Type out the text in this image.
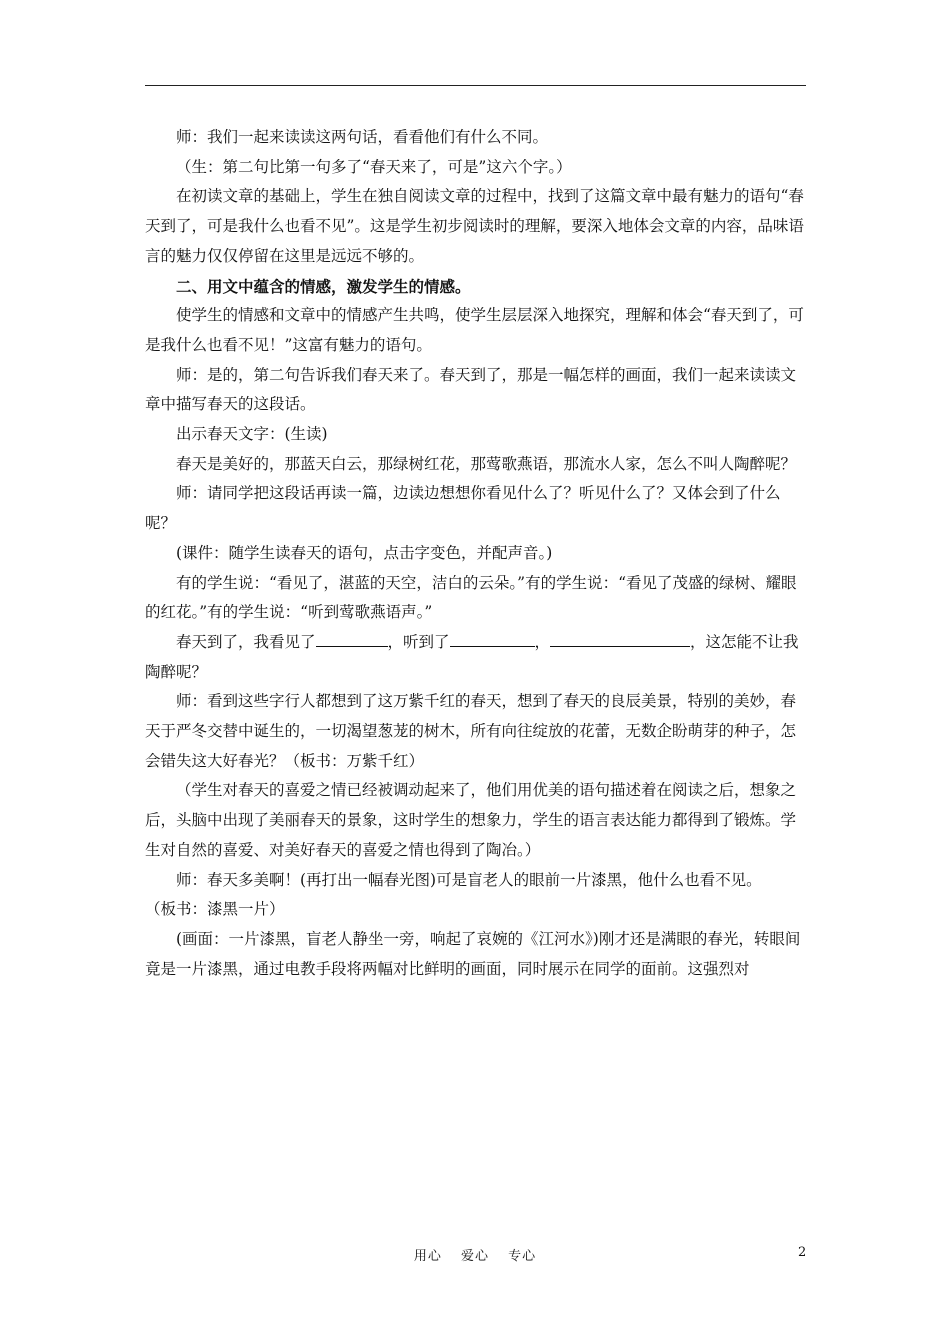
师：我们一起来读读这两句话，看看他们有什么不同。

（生：第二句比第一句多了“春天来了，可是”这六个字。）

在初读文章的基础上，学生在独自阅读文章的过程中，找到了这篇文章中最有魅力的语句“春天到了，可是我什么也看不见”。这是学生初步阅读时的理解，要深入地体会文章的内容，品味语言的魅力仅仅停留在这里是远远不够的。

二、用文中蕴含的情感，激发学生的情感。

使学生的情感和文章中的情感产生共鸣，使学生层层深入地探究，理解和体会“春天到了，可是我什么也看不见！”这富有魅力的语句。

师：是的，第二句告诉我们春天来了。春天到了，那是一幅怎样的画面，我们一起来读读文章中描写春天的这段话。

出示春天文字：(生读)

春天是美好的，那蓝天白云，那绿树红花，那莺歌燕语，那流水人家，怎么不叫人陶醉呢？

师：请同学把这段话再读一篇，边读边想想你看见什么了？听见什么了？又体会到了什么呢？

(课件：随学生读春天的语句，点击字变色，并配声音。)

有的学生说：“看见了，湛蓝的天空，洁白的云朵。”有的学生说：“看见了茂盛的绿树、耀眼的红花。”有的学生说：“听到莺歌燕语声。”

春天到了，我看见了	，听到了	，	，这怎能不让我陶醉呢？

师：看到这些字行人都想到了这万紫千红的春天，想到了春天的良辰美景，特别的美妙，春天于严冬交替中诞生的，一切渴望葱茏的树木，所有向往绽放的花蕾，无数企盼萌芽的种子，怎会错失这大好春光？（板书：万紫千红）

（学生对春天的喜爱之情已经被调动起来了，他们用优美的语句描述着在阅读之后，想象之后，头脑中出现了美丽春天的景象，这时学生的想象力，学生的语言表达能力都得到了锻炼。学生对自然的喜爱、对美好春天的喜爱之情也得到了陶冶。）

师：春天多美啊！(再打出一幅春光图)可是盲老人的眼前一片漆黑，他什么也看不见。

（板书：漆黑一片）

(画面：一片漆黑，盲老人静坐一旁，响起了哀婉的《江河水》)刚才还是满眼的春光，转眼间竟是一片漆黑，通过电教手段将两幅对比鲜明的画面，同时展示在同学的面前。这强烈对

用心　 爱心　 专心	2
